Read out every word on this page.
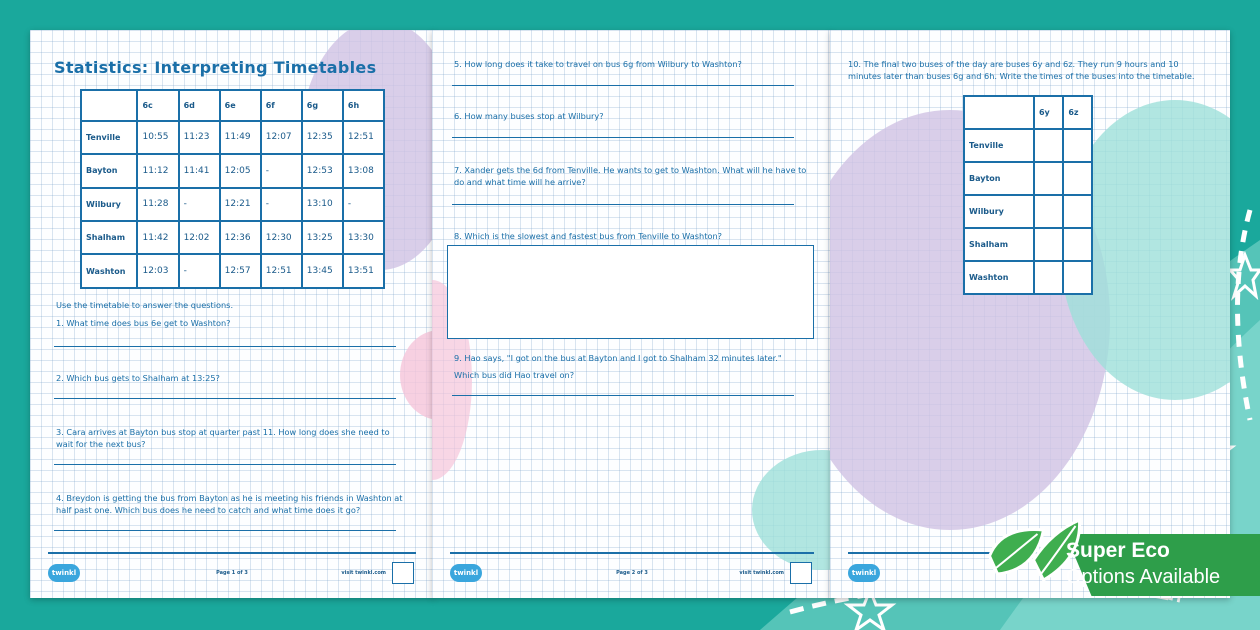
Statistics: Interpreting Timetables
	6c	6d	6e	6f	6g	6h
Tenville	10:55	11:23	11:49	12:07	12:35	12:51
Bayton	11:12	11:41	12:05	-	12:53	13:08
Wilbury	11:28	-	12:21	-	13:10	-
Shalham	11:42	12:02	12:36	12:30	13:25	13:30
Washton	12:03	-	12:57	12:51	13:45	13:51
Use the timetable to answer the questions.
1. What time does bus 6e get to Washton?
2. Which bus gets to Shalham at 13:25?
3. Cara arrives at Bayton bus stop at quarter past 11. How long does she need to wait for the next bus?
4. Breydon is getting the bus from Bayton as he is meeting his friends in Washton at half past one. Which bus does he need to catch and what time does it go?
twinkl	Page 1 of 3	visit twinkl.com
5. How long does it take to travel on bus 6g from Wilbury to Washton?
6. How many buses stop at Wilbury?
7. Xander gets the 6d from Tenville. He wants to get to Washton. What will he have to do and what time will he arrive?
8. Which is the slowest and fastest bus from Tenville to Washton?
9. Hao says, "I got on the bus at Bayton and I got to Shalham 32 minutes later."
Which bus did Hao travel on?
twinkl	Page 2 of 3	visit twinkl.com
10. The final two buses of the day are buses 6y and 6z. They run 9 hours and 10 minutes later than buses 6g and 6h. Write the times of the buses into the timetable.
	6y	6z
Tenville		
Bayton		
Wilbury		
Shalham		
Washton		
twinkl
Super Eco
Options Available
